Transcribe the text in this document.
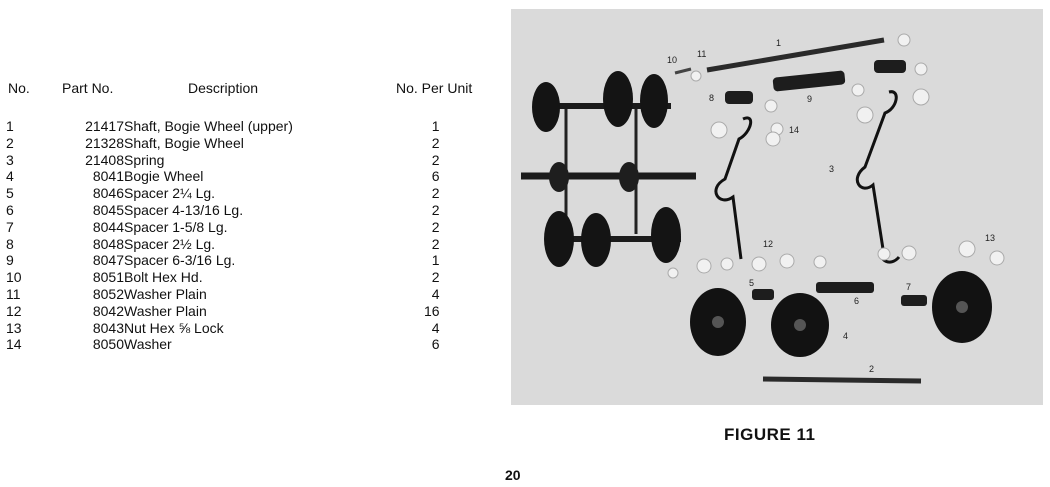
No. Part No.	Description	No. Per Unit
1	21417	Shaft, Bogie Wheel (upper)	1
2	21328	Shaft, Bogie Wheel	2
3	21408	Spring	2
4	8041	Bogie Wheel	6
5	8046	Spacer 2¼ Lg.	2
6	8045	Spacer 4-13/16 Lg.	2
7	8044	Spacer 1-5/8 Lg.	2
8	8048	Spacer 2½ Lg.	2
9	8047	Spacer 6-3/16 Lg.	1
10	8051	Bolt Hex Hd.	2
11	8052	Washer Plain	4
12	8042	Washer Plain	16
13	8043	Nut Hex ⅝ Lock	4
14	8050	Washer	6
1
2
3
4
5
6
7
8	9
10
11
12
13
14
FIGURE 11
20
